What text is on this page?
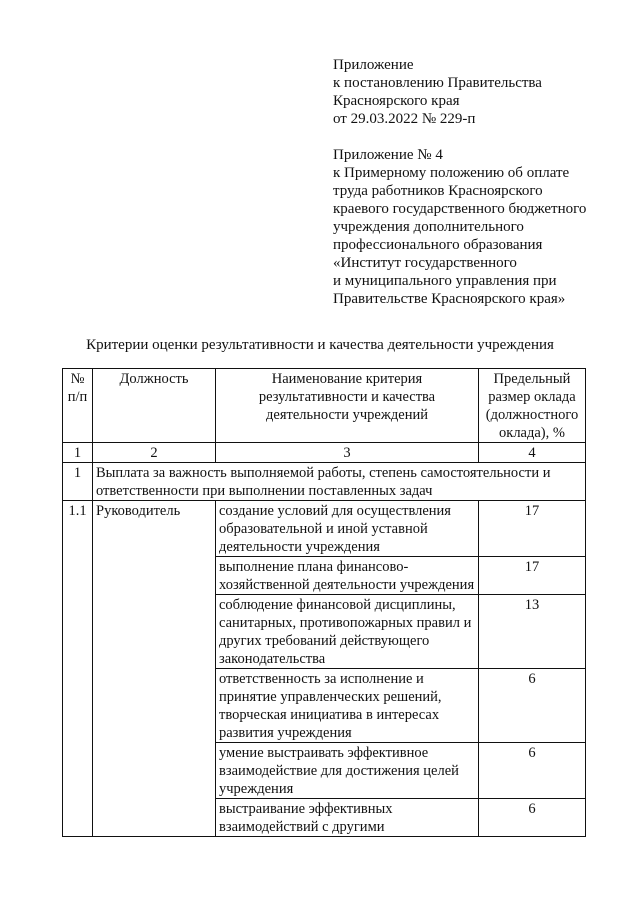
Приложение
к постановлению Правительства
Красноярского края
от 29.03.2022 № 229-п
Приложение № 4
к Примерному положению об оплате
труда работников Красноярского
краевого государственного бюджетного
учреждения дополнительного
профессионального образования
«Институт государственного
и муниципального управления при
Правительстве Красноярского края»
Критерии оценки результативности и качества деятельности учреждения
№ п/п	Должность	Наименование критерия результативности и качества деятельности учреждений	Предельный размер оклада (должностного оклада), %
1	2	3	4
1	Выплата за важность выполняемой работы, степень самостоятельности и ответственности при выполнении поставленных задач		
1.1	Руководитель	создание условий для осуществления образовательной и иной уставной деятельности учреждения	17
		выполнение плана финансово-хозяйственной деятельности учреждения	17
		соблюдение финансовой дисциплины, санитарных, противопожарных правил и других требований действующего законодательства	13
		ответственность за исполнение и принятие управленческих решений, творческая инициатива в интересах развития учреждения	6
		умение выстраивать эффективное взаимодействие для достижения целей учреждения	6
		выстраивание эффективных взаимодействий с другими	6
